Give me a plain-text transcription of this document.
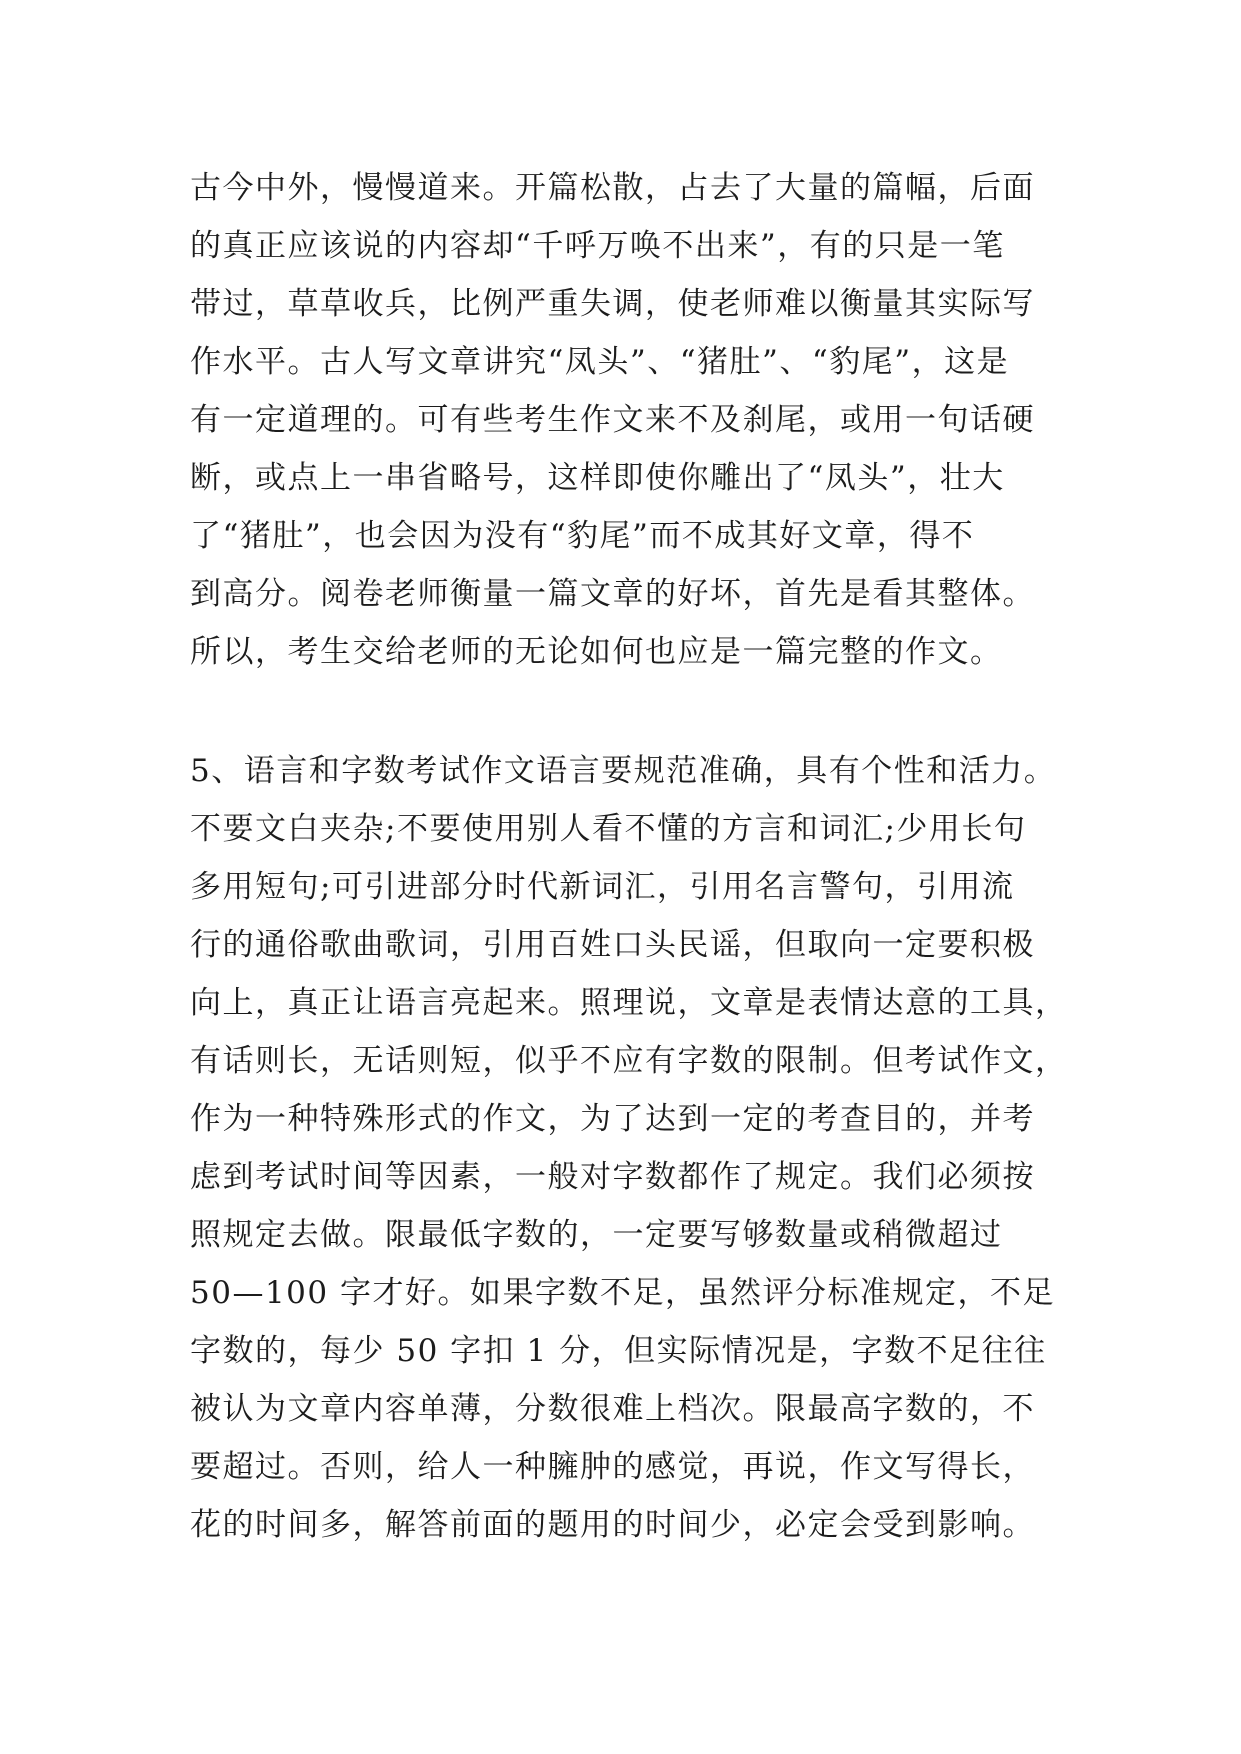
古今中外，慢慢道来。开篇松散，占去了大量的篇幅，后面
的真正应该说的内容却“千呼万唤不出来”，有的只是一笔
带过，草草收兵，比例严重失调，使老师难以衡量其实际写
作水平。古人写文章讲究“凤头”、“猪肚”、“豹尾”，这是
有一定道理的。可有些考生作文来不及刹尾，或用一句话硬
断，或点上一串省略号，这样即使你雕出了“凤头”，壮大
了“猪肚”，也会因为没有“豹尾”而不成其好文章，得不
到高分。阅卷老师衡量一篇文章的好坏，首先是看其整体。
所以，考生交给老师的无论如何也应是一篇完整的作文。
5、语言和字数考试作文语言要规范准确，具有个性和活力。
不要文白夹杂;不要使用别人看不懂的方言和词汇;少用长句
多用短句;可引进部分时代新词汇，引用名言警句，引用流
行的通俗歌曲歌词，引用百姓口头民谣，但取向一定要积极
向上，真正让语言亮起来。照理说，文章是表情达意的工具，
有话则长，无话则短，似乎不应有字数的限制。但考试作文，
作为一种特殊形式的作文，为了达到一定的考查目的，并考
虑到考试时间等因素，一般对字数都作了规定。我们必须按
照规定去做。限最低字数的，一定要写够数量或稍微超过
50—100 字才好。如果字数不足，虽然评分标准规定，不足
字数的，每少 50 字扣 1 分，但实际情况是，字数不足往往
被认为文章内容单薄，分数很难上档次。限最高字数的，不
要超过。否则，给人一种臃肿的感觉，再说，作文写得长，
花的时间多，解答前面的题用的时间少，必定会受到影响。
